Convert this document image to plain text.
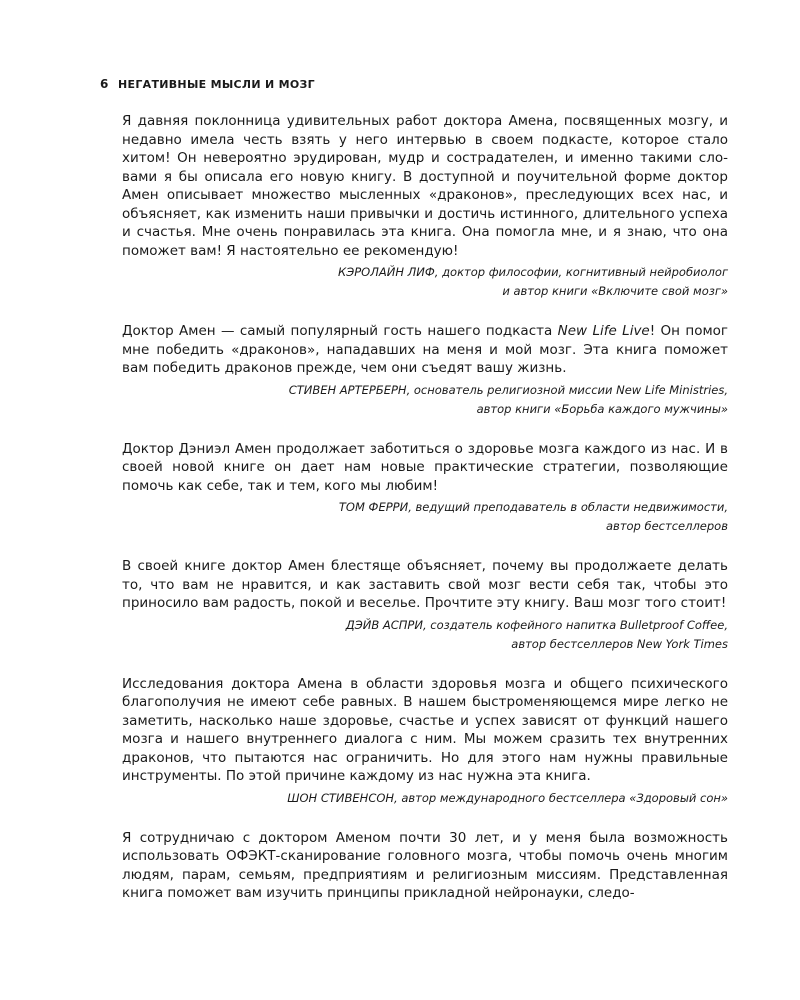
6 НЕГАТИВНЫЕ МЫСЛИ И МОЗГ

Я давняя поклонница удивительных работ доктора Амена, посвященных мозгу, и недавно имела честь взять у него интервью в своем подкасте, которое стало хитом! Он невероятно эрудирован, мудр и сострадателен, и именно такими словами я бы описала его новую книгу. В доступной и поучительной форме доктор Амен описывает множество мысленных «драконов», преследующих всех нас, и объясняет, как изменить наши привычки и достичь истинного, длительного успеха и счастья. Мне очень понравилась эта книга. Она помогла мне, и я знаю, что она поможет вам! Я настоятельно ее рекомендую!

КЭРОЛАЙН ЛИФ, доктор философии, когнитивный нейробиолог
и автор книги «Включите свой мозг»

Доктор Амен — самый популярный гость нашего подкаста New Life Live! Он помог мне победить «драконов», нападавших на меня и мой мозг. Эта книга поможет вам победить драконов прежде, чем они съедят вашу жизнь.

СТИВЕН АРТЕРБЕРН, основатель религиозной миссии New Life Ministries,
автор книги «Борьба каждого мужчины»

Доктор Дэниэл Амен продолжает заботиться о здоровье мозга каждого из нас. И в своей новой книге он дает нам новые практические стратегии, позволяющие помочь как себе, так и тем, кого мы любим!

ТОМ ФЕРРИ, ведущий преподаватель в области недвижимости,
автор бестселлеров

В своей книге доктор Амен блестяще объясняет, почему вы продолжаете делать то, что вам не нравится, и как заставить свой мозг вести себя так, чтобы это приносило вам радость, покой и веселье. Прочтите эту книгу. Ваш мозг того стоит!

ДЭЙВ АСПРИ, создатель кофейного напитка Bulletproof Coffee,
автор бестселлеров New York Times

Исследования доктора Амена в области здоровья мозга и общего психического благополучия не имеют себе равных. В нашем быстроменяющемся мире легко не заметить, насколько наше здоровье, счастье и успех зависят от функций нашего мозга и нашего внутреннего диалога с ним. Мы можем сразить тех внутренних драконов, что пытаются нас ограничить. Но для этого нам нужны правильные инструменты. По этой причине каждому из нас нужна эта книга.

ШОН СТИВЕНСОН, автор международного бестселлера «Здоровый сон»

Я сотрудничаю с доктором Аменом почти 30 лет, и у меня была возможность использовать ОФЭКТ-сканирование головного мозга, чтобы помочь очень многим людям, парам, семьям, предприятиям и религиозным миссиям. Представленная книга поможет вам изучить принципы прикладной нейронауки, следо-
